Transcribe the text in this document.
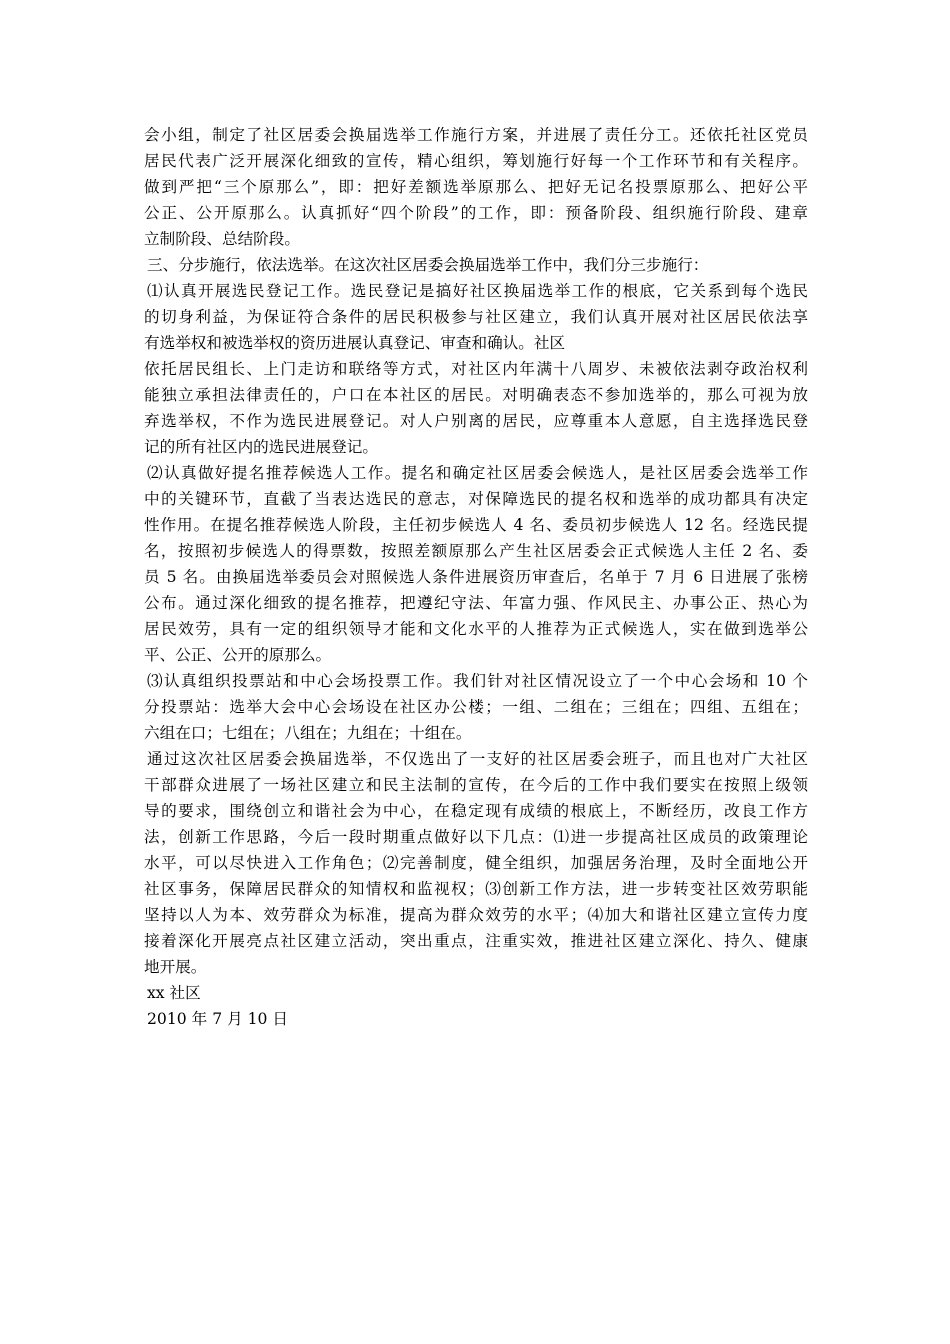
会小组，制定了社区居委会换届选举工作施行方案，并进展了责任分工。还依托社区党员
居民代表广泛开展深化细致的宣传，精心组织，筹划施行好每一个工作环节和有关程序。
做到严把“三个原那么”，即：把好差额选举原那么、把好无记名投票原那么、把好公平
公正、公开原那么。认真抓好“四个阶段”的工作，即：预备阶段、组织施行阶段、建章
立制阶段、总结阶段。
三、分步施行，依法选举。在这次社区居委会换届选举工作中，我们分三步施行：
⑴认真开展选民登记工作。选民登记是搞好社区换届选举工作的根底，它关系到每个选民
的切身利益，为保证符合条件的居民积极参与社区建立，我们认真开展对社区居民依法享
有选举权和被选举权的资历进展认真登记、审查和确认。社区
依托居民组长、上门走访和联络等方式，对社区内年满十八周岁、未被依法剥夺政治权利
能独立承担法律责任的，户口在本社区的居民。对明确表态不参加选举的，那么可视为放
弃选举权，不作为选民进展登记。对人户别离的居民，应尊重本人意愿，自主选择选民登
记的所有社区内的选民进展登记。
⑵认真做好提名推荐候选人工作。提名和确定社区居委会候选人，是社区居委会选举工作
中的关键环节，直截了当表达选民的意志，对保障选民的提名权和选举的成功都具有决定
性作用。在提名推荐候选人阶段，主任初步候选人 4 名、委员初步候选人 12 名。经选民提
名，按照初步候选人的得票数，按照差额原那么产生社区居委会正式候选人主任 2 名、委
员 5 名。由换届选举委员会对照候选人条件进展资历审查后，名单于 7 月 6 日进展了张榜
公布。通过深化细致的提名推荐，把遵纪守法、年富力强、作风民主、办事公正、热心为
居民效劳，具有一定的组织领导才能和文化水平的人推荐为正式候选人，实在做到选举公
平、公正、公开的原那么。
⑶认真组织投票站和中心会场投票工作。我们针对社区情况设立了一个中心会场和 10 个
分投票站：选举大会中心会场设在社区办公楼；一组、二组在；三组在；四组、五组在；
六组在口；七组在；八组在；九组在；十组在。
通过这次社区居委会换届选举，不仅选出了一支好的社区居委会班子，而且也对广大社区
干部群众进展了一场社区建立和民主法制的宣传，在今后的工作中我们要实在按照上级领
导的要求，围绕创立和谐社会为中心，在稳定现有成绩的根底上，不断经历，改良工作方
法，创新工作思路，今后一段时期重点做好以下几点：⑴进一步提高社区成员的政策理论
水平，可以尽快进入工作角色；⑵完善制度，健全组织，加强居务治理，及时全面地公开
社区事务，保障居民群众的知情权和监视权；⑶创新工作方法，进一步转变社区效劳职能
坚持以人为本、效劳群众为标准，提高为群众效劳的水平；⑷加大和谐社区建立宣传力度
接着深化开展亮点社区建立活动，突出重点，注重实效，推进社区建立深化、持久、健康
地开展。
xx 社区
2010 年 7 月 10 日
